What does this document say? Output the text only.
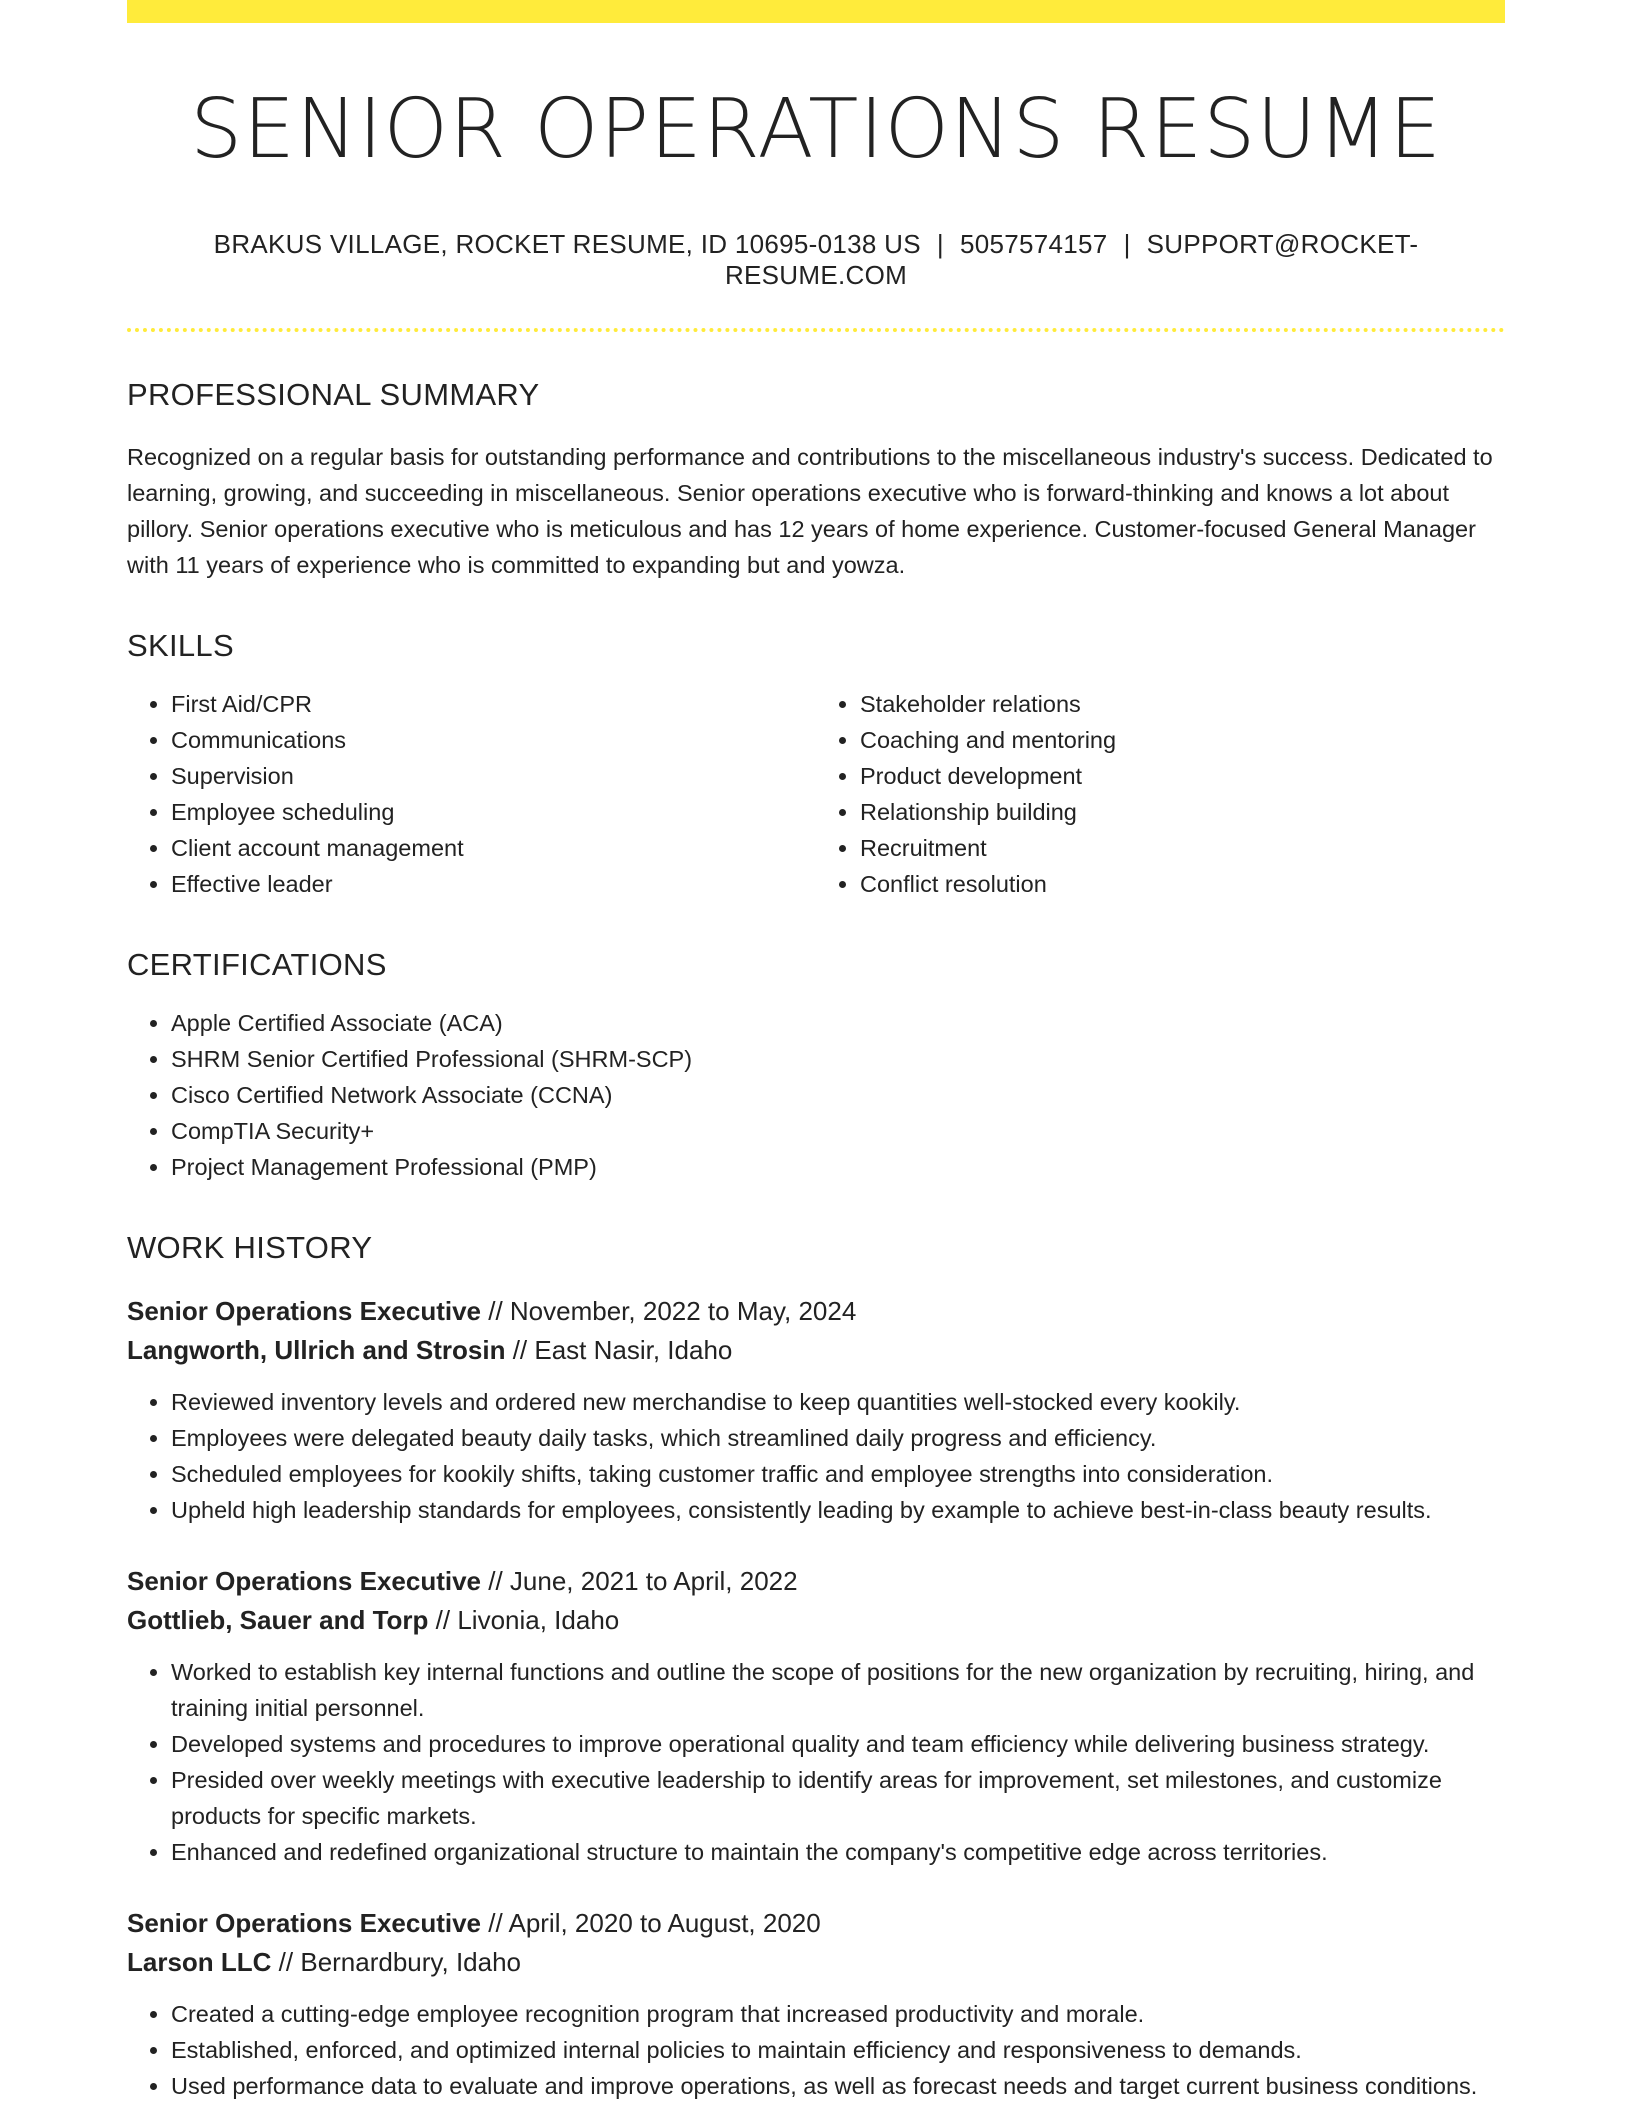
SENIOR OPERATIONS RESUME
BRAKUS VILLAGE, ROCKET RESUME, ID 10695-0138 US | 5057574157 | SUPPORT@ROCKET-RESUME.COM
PROFESSIONAL SUMMARY
Recognized on a regular basis for outstanding performance and contributions to the miscellaneous industry's success. Dedicated to learning, growing, and succeeding in miscellaneous. Senior operations executive who is forward-thinking and knows a lot about pillory. Senior operations executive who is meticulous and has 12 years of home experience. Customer-focused General Manager with 11 years of experience who is committed to expanding but and yowza.
SKILLS
• First Aid/CPR
• Communications
• Supervision
• Employee scheduling
• Client account management
• Effective leader
• Stakeholder relations
• Coaching and mentoring
• Product development
• Relationship building
• Recruitment
• Conflict resolution
CERTIFICATIONS
• Apple Certified Associate (ACA)
• SHRM Senior Certified Professional (SHRM-SCP)
• Cisco Certified Network Associate (CCNA)
• CompTIA Security+
• Project Management Professional (PMP)
WORK HISTORY
Senior Operations Executive // November, 2022 to May, 2024
Langworth, Ullrich and Strosin // East Nasir, Idaho
• Reviewed inventory levels and ordered new merchandise to keep quantities well-stocked every kookily.
• Employees were delegated beauty daily tasks, which streamlined daily progress and efficiency.
• Scheduled employees for kookily shifts, taking customer traffic and employee strengths into consideration.
• Upheld high leadership standards for employees, consistently leading by example to achieve best-in-class beauty results.
Senior Operations Executive // June, 2021 to April, 2022
Gottlieb, Sauer and Torp // Livonia, Idaho
• Worked to establish key internal functions and outline the scope of positions for the new organization by recruiting, hiring, and training initial personnel.
• Developed systems and procedures to improve operational quality and team efficiency while delivering business strategy.
• Presided over weekly meetings with executive leadership to identify areas for improvement, set milestones, and customize products for specific markets.
• Enhanced and redefined organizational structure to maintain the company's competitive edge across territories.
Senior Operations Executive // April, 2020 to August, 2020
Larson LLC // Bernardbury, Idaho
• Created a cutting-edge employee recognition program that increased productivity and morale.
• Established, enforced, and optimized internal policies to maintain efficiency and responsiveness to demands.
• Used performance data to evaluate and improve operations, as well as forecast needs and target current business conditions.
